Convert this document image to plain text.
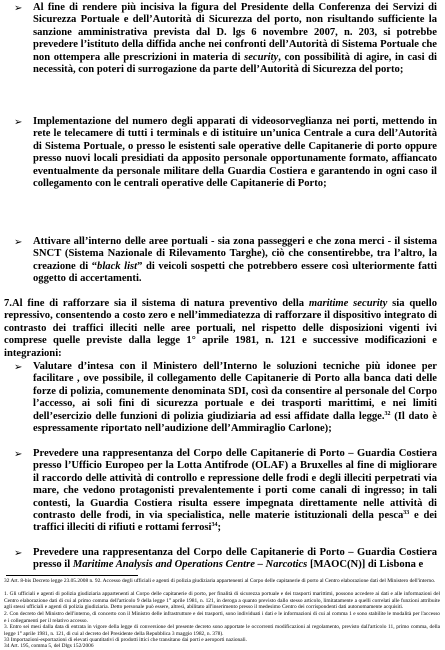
➢ Al fine di rendere più incisiva la figura del Presidente della Conferenza dei Servizi di Sicurezza Portuale e dell’Autorità di Sicurezza del porto, non risultando sufficiente la sanzione amministrativa prevista dal D. lgs 6 novembre 2007, n. 203, si potrebbe prevedere l’istituto della diffida anche nei confronti dell’Autorità di Sistema Portuale che non ottempera alle prescrizioni in materia di security, con possibilità di agire, in casi di necessità, con poteri di surrogazione da parte dell’Autorità di Sicurezza del porto;

➢ Implementazione del numero degli apparati di videosorveglianza nei porti, mettendo in rete le telecamere di tutti i terminals e di istituire un’unica Centrale a cura dell’Autorità di Sistema Portuale, o presso le esistenti sale operative delle Capitanerie di porto oppure presso nuovi locali presidiati da apposito personale opportunamente formato, affiancato eventualmente da personale militare della Guardia Costiera e garantendo in ogni caso il collegamento con le centrali operative delle Capitanerie di Porto;

➢ Attivare all’interno delle aree portuali - sia zona passeggeri e che zona merci - il sistema SNCT (Sistema Nazionale di Rilevamento Targhe), ciò che consentirebbe, tra l’altro, la creazione di “black list” di veicoli sospetti che potrebbero essere così ulteriormente fatti oggetto di accertamenti.

7.Al fine di rafforzare sia il sistema di natura preventivo della maritime security sia quello repressivo, consentendo a costo zero e nell’immediatezza di rafforzare il dispositivo integrato di contrasto dei traffici illeciti nelle aree portuali, nel rispetto delle disposizioni vigenti ivi comprese quelle previste dalla legge 1° aprile 1981, n. 121 e successive modificazioni e integrazioni:

➢ Valutare d’intesa con il Ministero dell’Interno le soluzioni tecniche più idonee per facilitare , ove possibile, il collegamento delle Capitanerie di Porto alla banca dati delle forze di polizia, comunemente denominata SDI, così da consentire al personale del Corpo l’accesso, ai soli fini di sicurezza portuale e dei trasporti marittimi, e nei limiti dell’esercizio delle funzioni di polizia giudiziaria ad essi affidate dalla legge.$^{32}$ (Il dato è espressamente riportato nell’audizione dell’Ammiraglio Carlone);

➢ Prevedere una rappresentanza del Corpo delle Capitanerie di Porto – Guardia Costiera presso l’Ufficio Europeo per la Lotta Antifrode (OLAF) a Bruxelles al fine di migliorare il raccordo delle attività di controllo e repressione delle frodi e degli illeciti perpetrati via mare, che vedono protagonisti prevalentemente i porti come canali di ingresso; in tali contesti, la Guardia Costiera risulta essere impegnata direttamente nelle attività di contrasto delle frodi, in via specialistica, nelle materie istituzionali della pesca$^{33}$ e dei traffici illeciti di rifiuti e rottami ferrosi$^{34}$;

➢ Prevedere una rappresentanza del Corpo delle Capitanerie di Porto – Guardia Costiera presso il Maritime Analysis and Operations Centre – Narcotics [MAOC(N)] di Lisbona e

32 Art. 8-bis Decreto legge 23.05.2008 n. 92. Accesso degli ufficiali e agenti di polizia giudiziaria appartenenti al Corpo delle capitanerie di porto al Centro elaborazione dati del Ministero dell'interno.

1. Gli ufficiali e agenti di polizia giudiziaria appartenenti al Corpo delle capitanerie di porto, per finalità di sicurezza portuale e dei trasporti marittimi, possono accedere ai dati e alle informazioni del Centro elaborazione dati di cui al primo comma dell'articolo 9 della legge 1° aprile 1981, n. 121, in deroga a quanto previsto dallo stesso articolo, limitatamente a quelli correlati alle funzioni attribuite agli stessi ufficiali e agenti di polizia giudiziaria. Detto personale può essere, altresì, abilitato all'inserimento presso il medesimo Centro dei corrispondenti dati autonomamente acquisiti.

2. Con decreto del Ministro dell'interno, di concerto con il Ministro delle infrastrutture e dei trasporti, sono individuati i dati e le informazioni di cui al comma 1 e sono stabilite le modalità per l'accesso e i collegamenti per il relativo accesso.

3. Entro sei mesi dalla data di entrata in vigore della legge di conversione del presente decreto sono apportate le occorrenti modificazioni al regolamento, previsto dall'articolo 11, primo comma, della legge 1° aprile 1981, n. 121, di cui al decreto del Presidente della Repubblica 3 maggio 1982, n. 378).

33 Importazioni-esportazioni di elevati quantitativi di prodotti ittici che transitano dai porti e aeroporti nazionali.

34 Art. 195, comma 5, del Dlgs 152/2006
